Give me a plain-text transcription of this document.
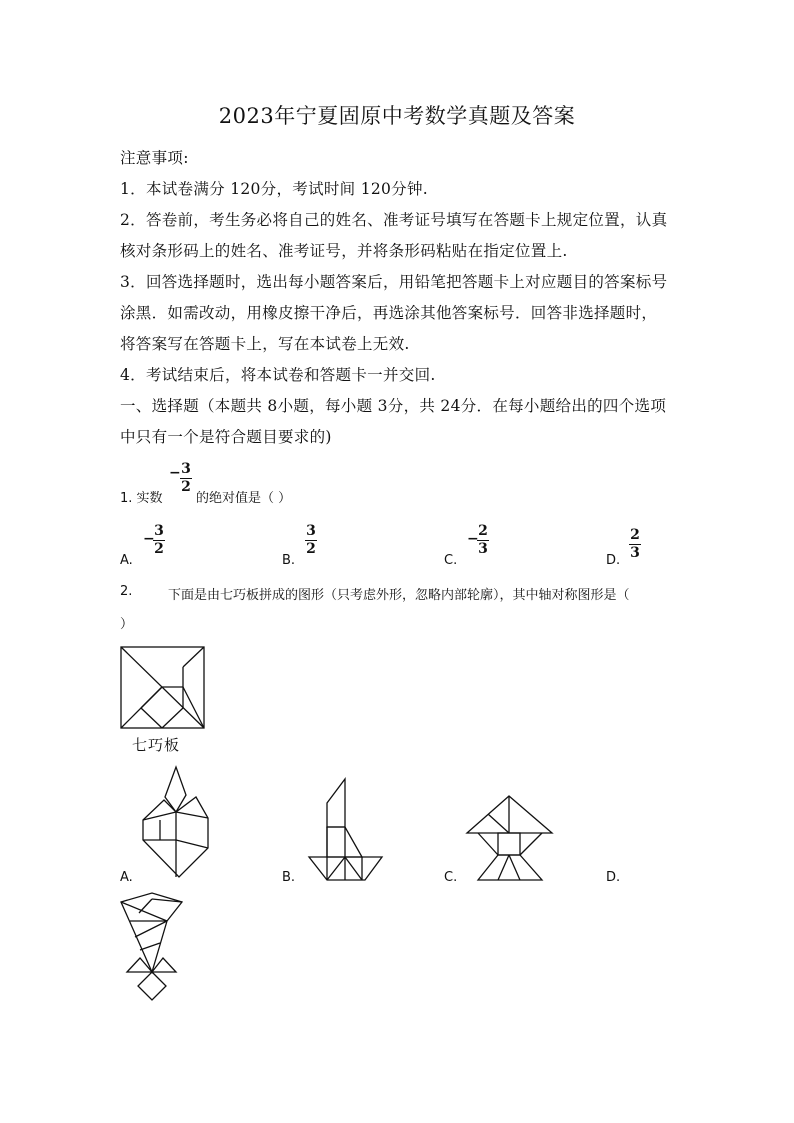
2023年宁夏固原中考数学真题及答案
注意事项:
1．本试卷满分 120分，考试时间 120分钟.
2．答卷前，考生务必将自己的姓名、准考证号填写在答题卡上规定位置，认真
核对条形码上的姓名、准考证号，并将条形码粘贴在指定位置上.
3．回答选择题时，选出每小题答案后，用铅笔把答题卡上对应题目的答案标号
涂黑．如需改动，用橡皮擦干净后，再选涂其他答案标号．回答非选择题时，
将答案写在答题卡上，写在本试卷上无效.
4．考试结束后，将本试卷和答题卡一并交回.
一、选择题（本题共 8小题，每小题 3分，共 24分．在每小题给出的四个选项
中只有一个是符合题目要求的)
1. 实数
− 3
2
的绝对值是（ ）
A.
− 3
2
B.
3
2
C.
− 2
3
D.
2
3
2.	下面是由七巧板拼成的图形（只考虑外形，忽略内部轮廓），其中轴对称图形是（
）
七巧板
A.	B.	C.	D.
